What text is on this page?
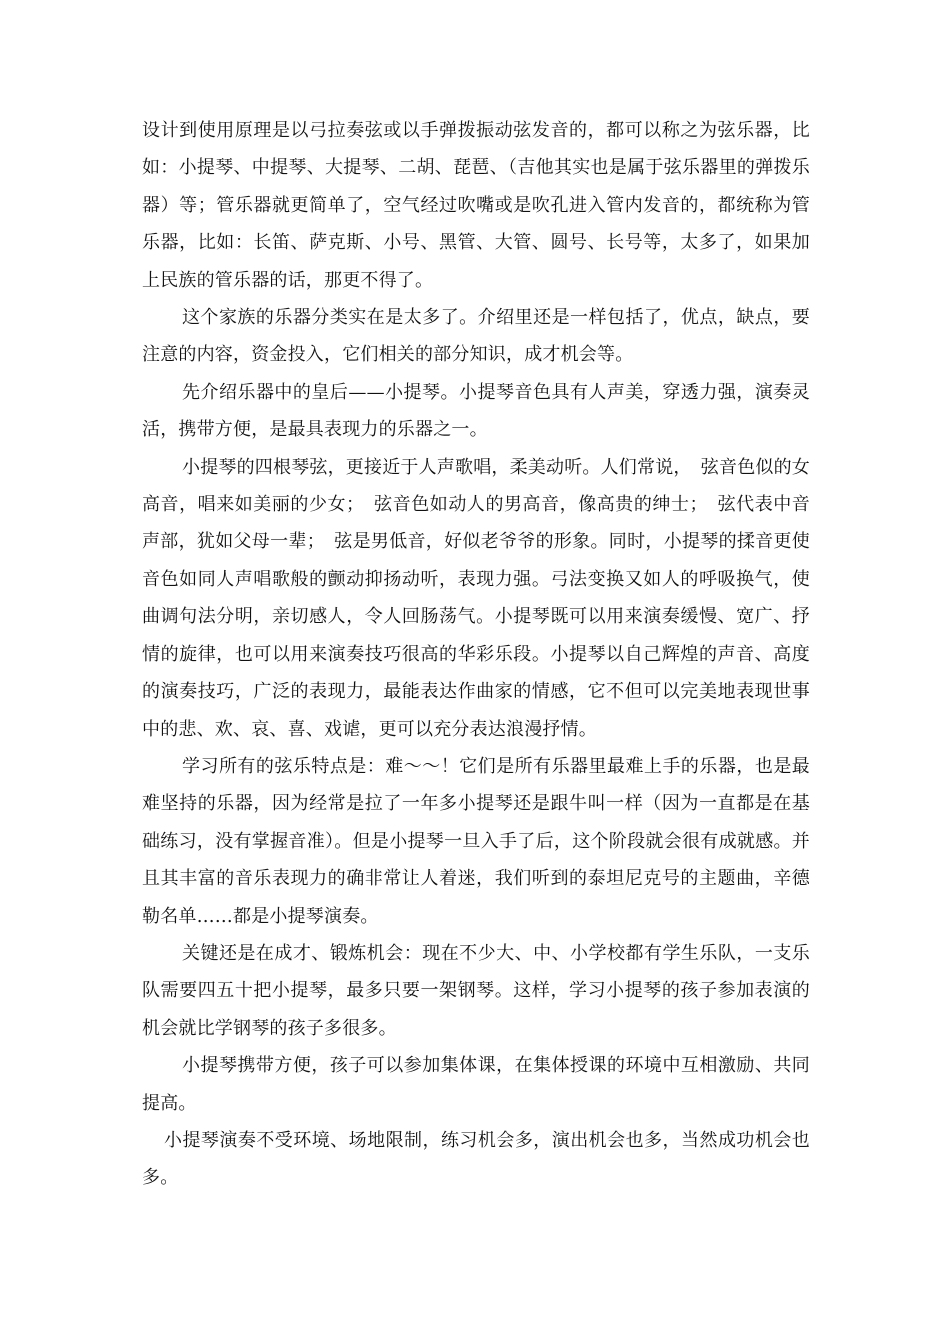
设计到使用原理是以弓拉奏弦或以手弹拨振动弦发音的，都可以称之为弦乐器，比如：小提琴、中提琴、大提琴、二胡、琵琶、（吉他其实也是属于弦乐器里的弹拨乐器）等；管乐器就更简单了，空气经过吹嘴或是吹孔进入管内发音的，都统称为管乐器，比如：长笛、萨克斯、小号、黑管、大管、圆号、长号等，太多了，如果加上民族的管乐器的话，那更不得了。

这个家族的乐器分类实在是太多了。介绍里还是一样包括了，优点，缺点，要注意的内容，资金投入，它们相关的部分知识，成才机会等。

先介绍乐器中的皇后——小提琴。小提琴音色具有人声美，穿透力强，演奏灵活，携带方便，是最具表现力的乐器之一。

小提琴的四根琴弦，更接近于人声歌唱，柔美动听。人们常说，　弦音色似的女高音，唱来如美丽的少女；　弦音色如动人的男高音，像高贵的绅士；　弦代表中音声部，犹如父母一辈；　弦是男低音，好似老爷爷的形象。同时，小提琴的揉音更使音色如同人声唱歌般的颤动抑扬动听，表现力强。弓法变换又如人的呼吸换气，使曲调句法分明，亲切感人，令人回肠荡气。小提琴既可以用来演奏缓慢、宽广、抒情的旋律，也可以用来演奏技巧很高的华彩乐段。小提琴以自己辉煌的声音、高度的演奏技巧，广泛的表现力，最能表达作曲家的情感，它不但可以完美地表现世事中的悲、欢、哀、喜、戏谑，更可以充分表达浪漫抒情。

学习所有的弦乐特点是：难～～！它们是所有乐器里最难上手的乐器，也是最难坚持的乐器，因为经常是拉了一年多小提琴还是跟牛叫一样（因为一直都是在基础练习，没有掌握音准）。但是小提琴一旦入手了后，这个阶段就会很有成就感。并且其丰富的音乐表现力的确非常让人着迷，我们听到的泰坦尼克号的主题曲，辛德勒名单……都是小提琴演奏。

关键还是在成才、锻炼机会：现在不少大、中、小学校都有学生乐队，一支乐队需要四五十把小提琴，最多只要一架钢琴。这样，学习小提琴的孩子参加表演的机会就比学钢琴的孩子多很多。

小提琴携带方便，孩子可以参加集体课，在集体授课的环境中互相激励、共同提高。

小提琴演奏不受环境、场地限制，练习机会多，演出机会也多，当然成功机会也多。
